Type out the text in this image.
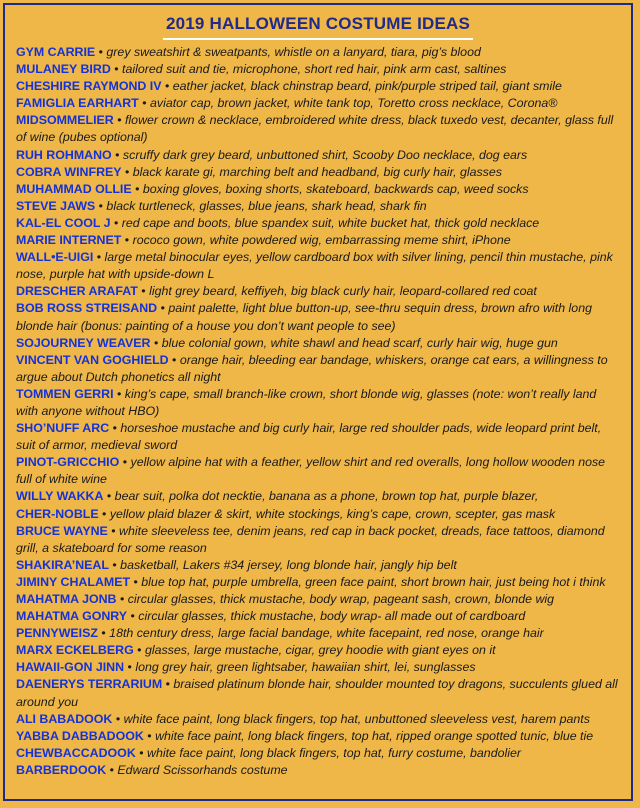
2019 HALLOWEEN COSTUME IDEAS
GYM CARRIE • grey sweatshirt & sweatpants, whistle on a lanyard, tiara, pig’s blood
MULANEY BIRD • tailored suit and tie, microphone, short red hair, pink arm cast, saltines
CHESHIRE RAYMOND IV • eather jacket, black chinstrap beard, pink/purple striped tail, giant smile
FAMIGLIA EARHART • aviator cap, brown jacket, white tank top, Toretto cross necklace, Corona®
MIDSOMMELIER • flower crown & necklace, embroidered white dress, black tuxedo vest, decanter, glass full of wine (pubes optional)
RUH ROHMANO • scruffy dark grey beard, unbuttoned shirt, Scooby Doo necklace, dog ears
COBRA WINFREY • black karate gi, marching belt and headband, big curly hair, glasses
MUHAMMAD OLLIE • boxing gloves, boxing shorts, skateboard, backwards cap, weed socks
STEVE JAWS • black turtleneck, glasses, blue jeans, shark head, shark fin
KAL-EL COOL J • red cape and boots, blue spandex suit, white bucket hat, thick gold necklace
MARIE INTERNET • rococo gown, white powdered wig, embarrassing meme shirt, iPhone
WALL•E-UIGI • large metal binocular eyes, yellow cardboard box with silver lining, pencil thin mustache, pink nose, purple hat with upside-down L
DRESCHER ARAFAT • light grey beard, keffiyeh, big black curly hair, leopard-collared red coat
BOB ROSS STREISAND • paint palette, light blue button-up, see-thru sequin dress, brown afro with long blonde hair (bonus: painting of a house you don’t want people to see)
SOJOURNEY WEAVER • blue colonial gown, white shawl and head scarf, curly hair wig, huge gun
VINCENT VAN GOGHIELD • orange hair, bleeding ear bandage, whiskers, orange cat ears, a willingness to argue about Dutch phonetics all night
TOMMEN GERRI • king’s cape, small branch-like crown, short blonde wig, glasses (note: won’t really land with anyone without HBO)
SHO’NUFF ARC • horseshoe mustache and big curly hair, large red shoulder pads, wide leopard print belt, suit of armor, medieval sword
PINOT-GRICCHIO • yellow alpine hat with a feather, yellow shirt and red overalls, long hollow wooden nose full of white wine
WILLY WAKKA • bear suit, polka dot necktie, banana as a phone, brown top hat, purple blazer,
CHER-NOBLE • yellow plaid blazer & skirt, white stockings, king’s cape, crown, scepter, gas mask
BRUCE WAYNE • white sleeveless tee, denim jeans, red cap in back pocket, dreads, face tattoos, diamond grill, a skateboard for some reason
SHAKIRA’NEAL • basketball, Lakers #34 jersey, long blonde hair, jangly hip belt
JIMINY CHALAMET • blue top hat, purple umbrella, green face paint, short brown hair, just being hot i think
MAHATMA JONB • circular glasses, thick mustache, body wrap, pageant sash, crown, blonde wig
MAHATMA GONRY • circular glasses, thick mustache, body wrap- all made out of cardboard
PENNYWEISZ • 18th century dress, large facial bandage, white facepaint, red nose, orange hair
MARX ECKELBERG • glasses, large mustache, cigar, grey hoodie with giant eyes on it
HAWAII-GON JINN • long grey hair, green lightsaber, hawaiian shirt, lei, sunglasses
DAENERYS TERRARIUM • braised platinum blonde hair, shoulder mounted toy dragons, succulents glued all around you
ALI BABADOOK • white face paint, long black fingers, top hat, unbuttoned sleeveless vest, harem pants
YABBA DABBADOOK • white face paint, long black fingers, top hat, ripped orange spotted tunic, blue tie
CHEWBACCADOOK • white face paint, long black fingers, top hat, furry costume, bandolier
BARBERDOOK • Edward Scissorhands costume
